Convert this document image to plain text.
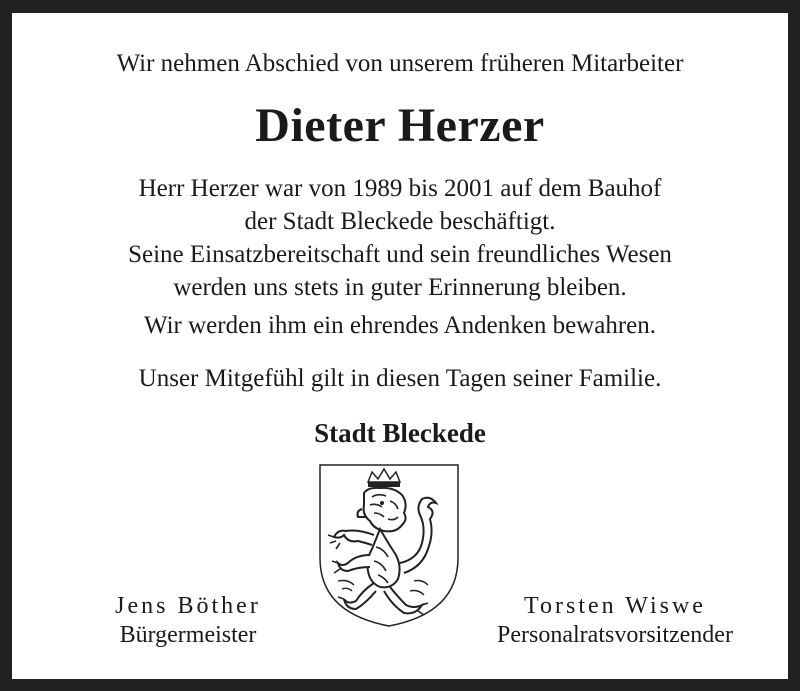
Wir nehmen Abschied von unserem früheren Mitarbeiter
Dieter Herzer
Herr Herzer war von 1989 bis 2001 auf dem Bauhof
der Stadt Bleckede beschäftigt.
Seine Einsatzbereitschaft und sein freundliches Wesen
werden uns stets in guter Erinnerung bleiben.
Wir werden ihm ein ehrendes Andenken bewahren.
Unser Mitgefühl gilt in diesen Tagen seiner Familie.
Stadt Bleckede
Jens Böther
Bürgermeister
Torsten Wiswe
Personalratsvorsitzender
